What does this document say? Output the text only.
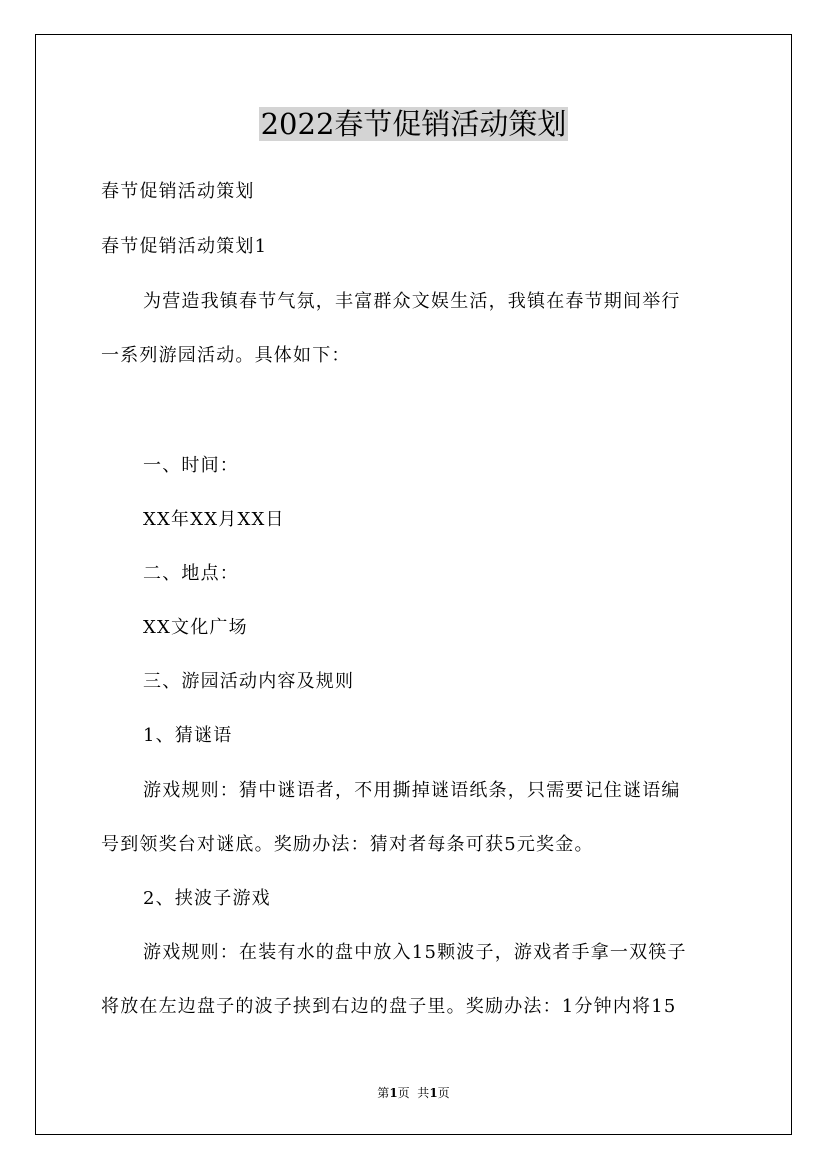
2022春节促销活动策划
春节促销活动策划
春节促销活动策划1
为营造我镇春节气氛，丰富群众文娱生活，我镇在春节期间举行
一系列游园活动。具体如下：
一、时间：
XX年XX月XX日
二、地点：
XX文化广场
三、游园活动内容及规则
1、猜谜语
游戏规则：猜中谜语者，不用撕掉谜语纸条，只需要记住谜语编
号到领奖台对谜底。奖励办法：猜对者每条可获5元奖金。
2、挟波子游戏
游戏规则：在装有水的盘中放入15颗波子，游戏者手拿一双筷子
将放在左边盘子的波子挟到右边的盘子里。奖励办法：1分钟内将15
第1页  共1页
